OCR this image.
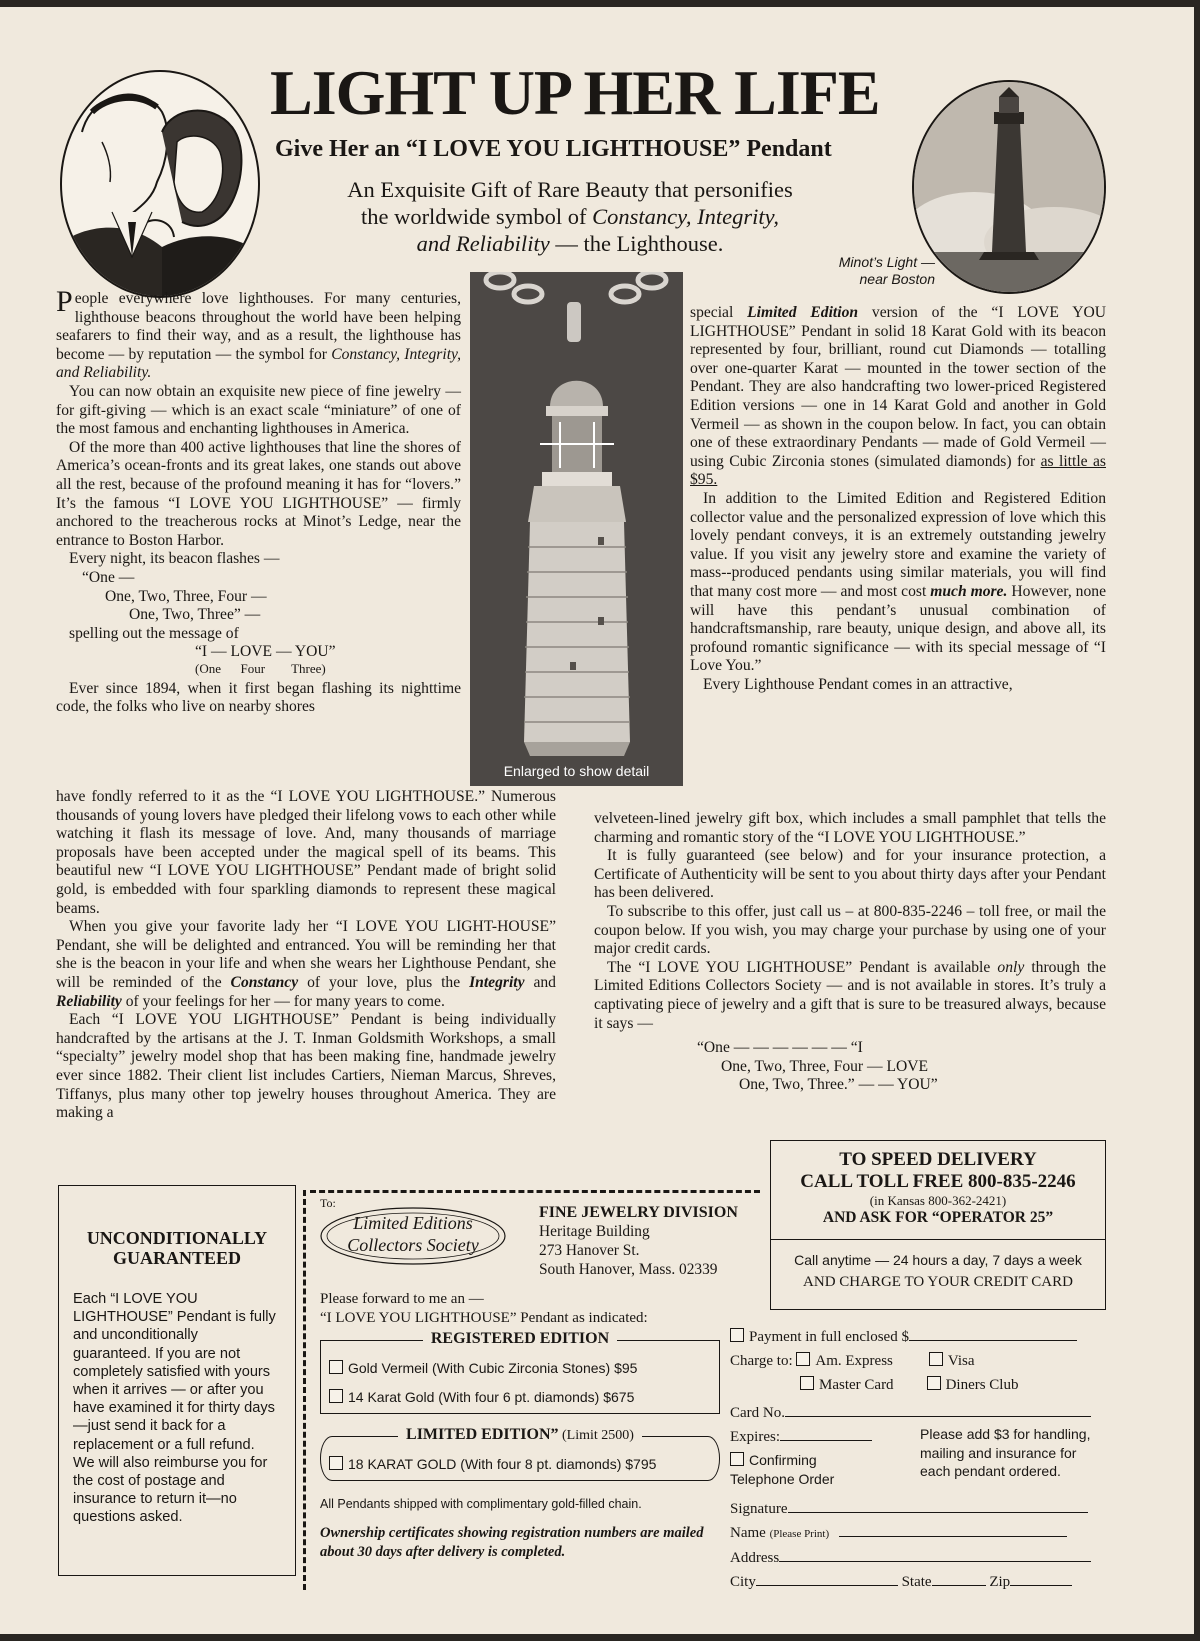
LIGHT UP HER LIFE
Give Her an “I LOVE YOU LIGHTHOUSE” Pendant
An Exquisite Gift of Rare Beauty that personifies
the worldwide symbol of Constancy, Integrity,
and Reliability — the Lighthouse.
Minot’s Light —
near Boston
Enlarged to show detail

People everywhere love lighthouses. For many centuries, lighthouse beacons throughout the world have been helping seafarers to find their way, and as a result, the lighthouse has become — by reputation — the symbol for Constancy, Integrity, and Reliability.

You can now obtain an exquisite new piece of fine jewelry — for gift-giving — which is an exact scale “miniature” of one of the most famous and enchanting lighthouses in America.

Of the more than 400 active lighthouses that line the shores of America’s ocean-fronts and its great lakes, one stands out above all the rest, because of the profound meaning it has for “lovers.” It’s the famous “I LOVE YOU LIGHTHOUSE” — firmly anchored to the treacherous rocks at Minot’s Ledge, near the entrance to Boston Harbor.

Every night, its beacon flashes —

“One —

One, Two, Three, Four —

One, Two, Three” —

spelling out the message of

“I — LOVE — YOU”

(One Four Three)

Ever since 1894, when it first began flashing its nighttime code, the folks who live on nearby shores

have fondly referred to it as the “I LOVE YOU LIGHTHOUSE.” Numerous thousands of young lovers have pledged their lifelong vows to each other while watching it flash its message of love. And, many thousands of marriage proposals have been accepted under the magical spell of its beams. This beautiful new “I LOVE YOU LIGHTHOUSE” Pendant made of bright solid gold, is embedded with four sparkling diamonds to represent these magical beams.

When you give your favorite lady her “I LOVE YOU LIGHT-HOUSE” Pendant, she will be delighted and entranced. You will be reminding her that she is the beacon in your life and when she wears her Lighthouse Pendant, she will be reminded of the Constancy of your love, plus the Integrity and Reliability of your feelings for her — for many years to come.

Each “I LOVE YOU LIGHTHOUSE” Pendant is being individually handcrafted by the artisans at the J. T. Inman Goldsmith Workshops, a small “specialty” jewelry model shop that has been making fine, handmade jewelry ever since 1882. Their client list includes Cartiers, Nieman Marcus, Shreves, Tiffanys, plus many other top jewelry houses throughout America. They are making a

special Limited Edition version of the “I LOVE YOU LIGHTHOUSE” Pendant in solid 18 Karat Gold with its beacon represented by four, brilliant, round cut Diamonds — totalling over one-quarter Karat — mounted in the tower section of the Pendant. They are also handcrafting two lower-priced Registered Edition versions — one in 14 Karat Gold and another in Gold Vermeil — as shown in the coupon below. In fact, you can obtain one of these extraordinary Pendants — made of Gold Vermeil — using Cubic Zirconia stones (simulated diamonds) for as little as $95.

In addition to the Limited Edition and Registered Edition collector value and the personalized expression of love which this lovely pendant conveys, it is an extremely outstanding jewelry value. If you visit any jewelry store and examine the variety of mass--produced pendants using similar materials, you will find that many cost more — and most cost much more. However, none will have this pendant’s unusual combination of handcraftsmanship, rare beauty, unique design, and above all, its profound romantic significance — with its special message of “I Love You.”

Every Lighthouse Pendant comes in an attractive,

velveteen-lined jewelry gift box, which includes a small pamphlet that tells the charming and romantic story of the “I LOVE YOU LIGHTHOUSE.”

It is fully guaranteed (see below) and for your insurance protection, a Certificate of Authenticity will be sent to you about thirty days after your Pendant has been delivered.

To subscribe to this offer, just call us – at 800-835-2246 – toll free, or mail the coupon below. If you wish, you may charge your purchase by using one of your major credit cards.

The “I LOVE YOU LIGHTHOUSE” Pendant is available only through the Limited Editions Collectors Society — and is not available in stores. It’s truly a captivating piece of jewelry and a gift that is sure to be treasured always, because it says —

“One — — — — — — “I

One, Two, Three, Four — LOVE

One, Two, Three.” — — YOU”

UNCONDITIONALLY
GUARANTEED
Each “I LOVE YOU LIGHTHOUSE” Pendant is fully and unconditionally guaranteed. If you are not completely satisfied with yours when it arrives — or after you have examined it for thirty days—just send it back for a replacement or a full refund. We will also reimburse you for the cost of postage and insurance to return it—no questions asked.
To:
Limited Editions
Collectors Society
FINE JEWELRY DIVISION
Heritage Building
273 Hanover St.
South Hanover, Mass. 02339
Please forward to me an —
“I LOVE YOU LIGHTHOUSE” Pendant as indicated:
REGISTERED EDITION
Gold Vermeil (With Cubic Zirconia Stones) $95
14 Karat Gold (With four 6 pt. diamonds) $675
LIMITED EDITION” (Limit 2500)
18 KARAT GOLD (With four 8 pt. diamonds) $795
All Pendants shipped with complimentary gold-filled chain.
Ownership certificates showing registration numbers are mailed about 30 days after delivery is completed.
TO SPEED DELIVERY
CALL TOLL FREE 800-835-2246
(in Kansas 800-362-2421)
AND ASK FOR “OPERATOR 25”
Call anytime — 24 hours a day, 7 days a week
AND CHARGE TO YOUR CREDIT CARD
Payment in full enclosed $
Charge to: Am. Express	Visa
Master Card	Diners Club
Card No.
Expires:	Please add $3 for handling, mailing and insurance for each pendant ordered.
Confirming
Telephone Order
Signature
Name (Please Print)
Address
City	State	Zip
